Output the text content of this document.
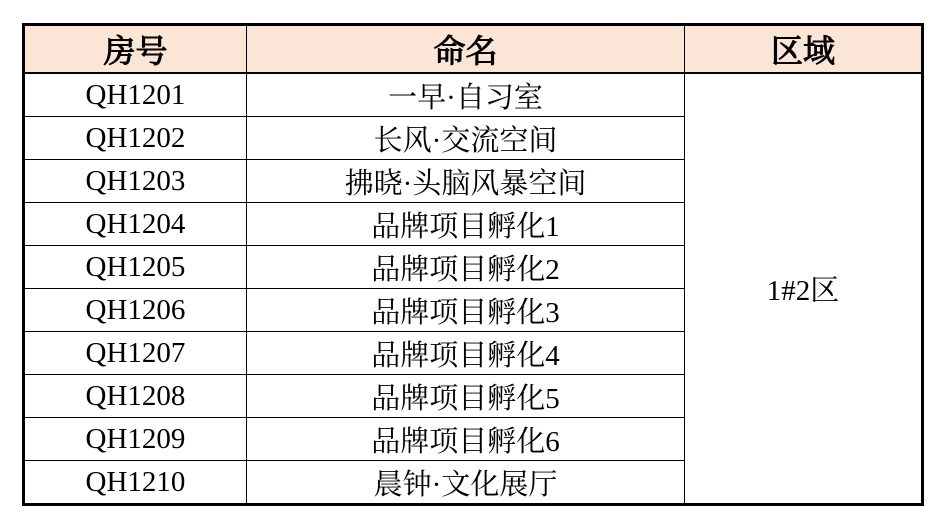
房号	命名	区域
QH1201	一早·自习室	1#2区
QH1202	长风·交流空间	
QH1203	拂晓·头脑风暴空间	
QH1204	品牌项目孵化1	
QH1205	品牌项目孵化2	
QH1206	品牌项目孵化3	
QH1207	品牌项目孵化4	
QH1208	品牌项目孵化5	
QH1209	品牌项目孵化6	
QH1210	晨钟·文化展厅	
